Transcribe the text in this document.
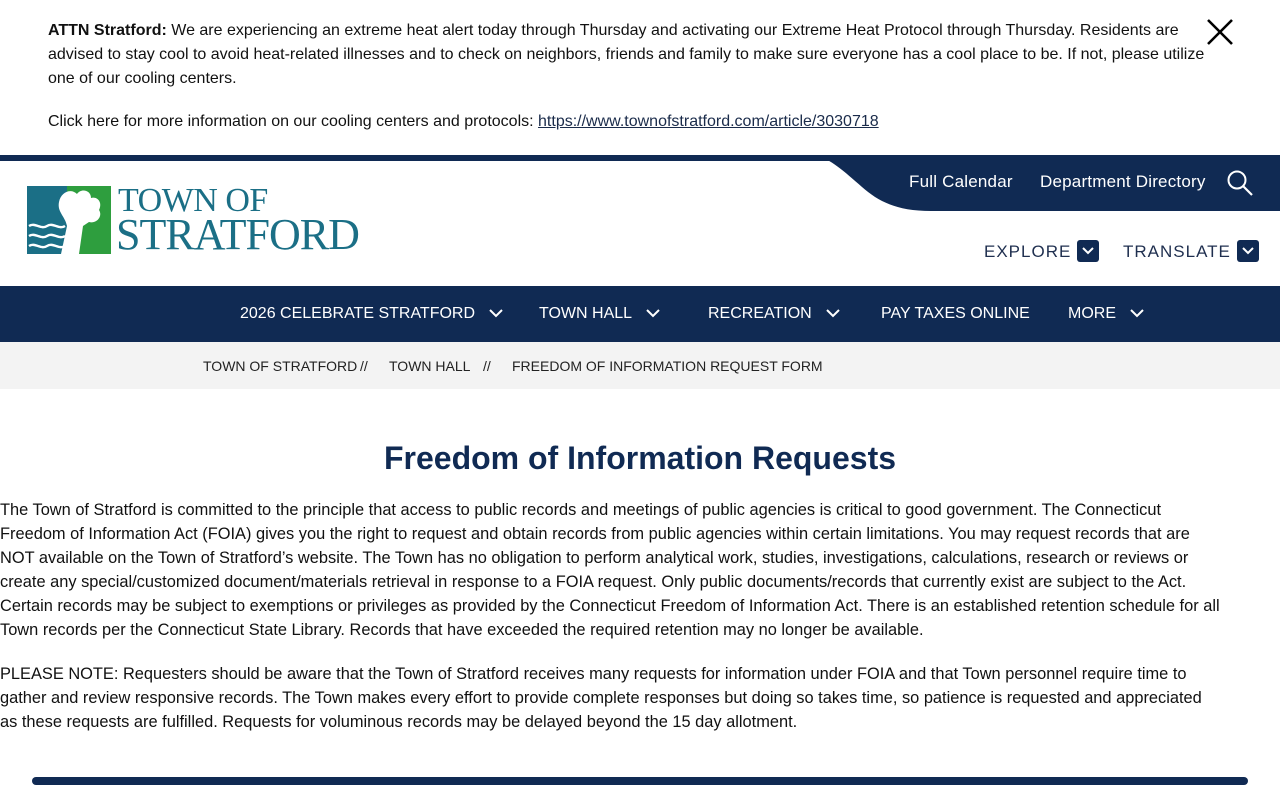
ATTN Stratford: We are experiencing an extreme heat alert today through Thursday and activating our Extreme Heat Protocol through Thursday. Residents are advised to stay cool to avoid heat-related illnesses and to check on neighbors, friends and family to make sure everyone has a cool place to be. If not, please utilize one of our cooling centers.
Click here for more information on our cooling centers and protocols: https://www.townofstratford.com/article/3030718
Full Calendar Department Directory
TOWN OF
STRATFORD	EXPLORE	TRANSLATE
2026 CELEBRATE STRATFORD	TOWN HALL	RECREATION	PAY TAXES ONLINE MORE
TOWN OF STRATFORD // TOWN HALL // FREEDOM OF INFORMATION REQUEST FORM
Freedom of Information Requests
The Town of Stratford is committed to the principle that access to public records and meetings of public agencies is critical to good government. The Connecticut
Freedom of Information Act (FOIA) gives you the right to request and obtain records from public agencies within certain limitations. You may request records that are
NOT available on the Town of Stratford’s website. The Town has no obligation to perform analytical work, studies, investigations, calculations, research or reviews or
create any special/customized document/materials retrieval in response to a FOIA request. Only public documents/records that currently exist are subject to the Act.
Certain records may be subject to exemptions or privileges as provided by the Connecticut Freedom of Information Act. There is an established retention schedule for all
Town records per the Connecticut State Library. Records that have exceeded the required retention may no longer be available.
PLEASE NOTE: Requesters should be aware that the Town of Stratford receives many requests for information under FOIA and that Town personnel require time to
gather and review responsive records. The Town makes every effort to provide complete responses but doing so takes time, so patience is requested and appreciated
as these requests are fulfilled. Requests for voluminous records may be delayed beyond the 15 day allotment.
